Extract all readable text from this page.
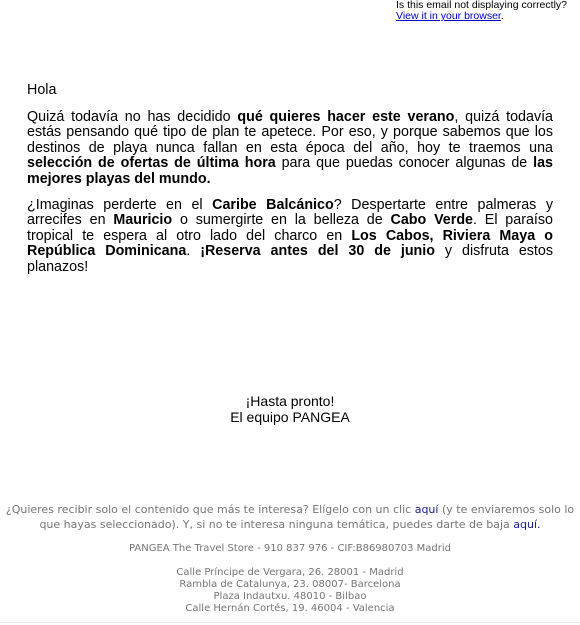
Is this email not displaying correctly?
View it in your browser.

Hola

Quizá todavía no has decidido qué quieres hacer este verano, quizá todavía estás pensando qué tipo de plan te apetece. Por eso, y porque sabemos que los destinos de playa nunca fallan en esta época del año, hoy te traemos una selección de ofertas de última hora para que puedas conocer algunas de las mejores playas del mundo.

¿Imaginas perderte en el Caribe Balcánico? Despertarte entre palmeras y arrecifes en Mauricio o sumergirte en la belleza de Cabo Verde. El paraíso tropical te espera al otro lado del charco en Los Cabos, Riviera Maya o República Dominicana. ¡Reserva antes del 30 de junio y disfruta estos planazos!

¡Hasta pronto!
El equipo PANGEA
¿Quieres recibir solo el contenido que más te interesa? Elígelo con un clic aquí (y te enviaremos solo lo que hayas seleccionado). Y, si no te interesa ninguna temática, puedes darte de baja aquí.
PANGEA The Travel Store - 910 837 976 - CIF:B86980703 Madrid
Calle Príncipe de Vergara, 26. 28001 - Madrid
Rambla de Catalunya, 23. 08007- Barcelona
Plaza Indautxu. 48010 - Bilbao
Calle Hernán Cortés, 19. 46004 - Valencia
